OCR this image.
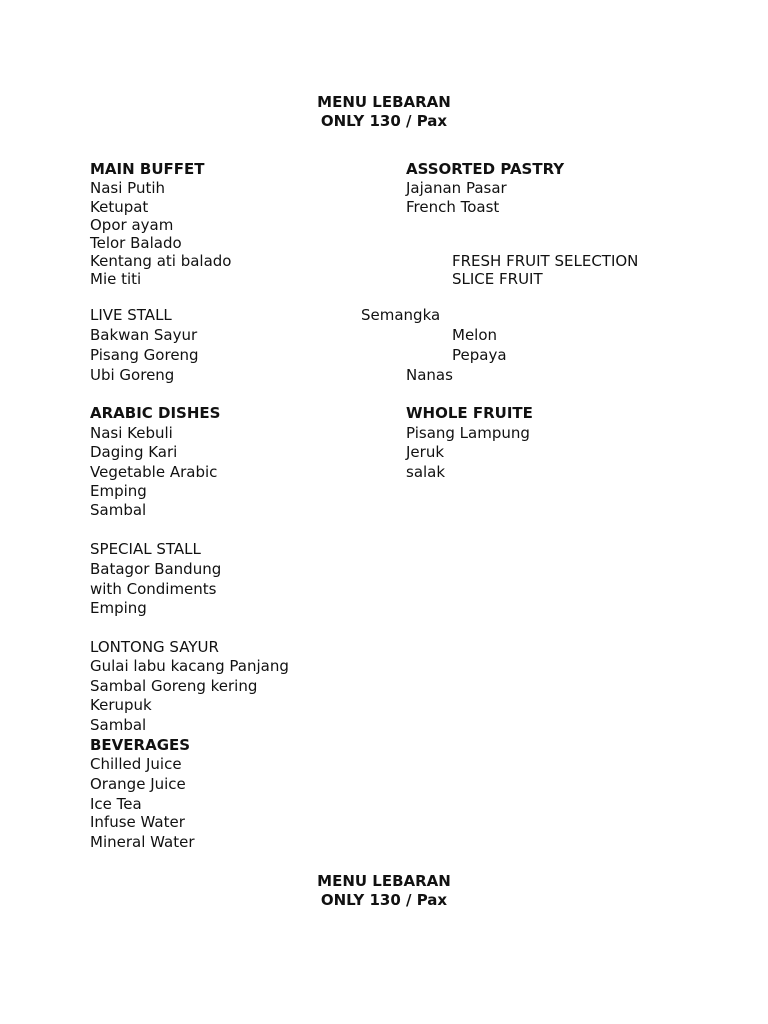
MENU LEBARAN
ONLY 130 / Pax
MAIN BUFFET
Nasi Putih
Ketupat
Opor ayam
Telor Balado
Kentang ati balado
Mie titi
LIVE STALL
Bakwan Sayur
Pisang Goreng
Ubi Goreng
ARABIC DISHES
Nasi Kebuli
Daging Kari
Vegetable Arabic
Emping
Sambal
SPECIAL STALL
Batagor Bandung
with Condiments
Emping
LONTONG SAYUR
Gulai labu kacang Panjang
Sambal Goreng kering
Kerupuk
Sambal
BEVERAGES
Chilled Juice
Orange Juice
Ice Tea
Infuse Water
Mineral Water
ASSORTED PASTRY
Jajanan Pasar
French Toast
FRESH FRUIT SELECTION
SLICE FRUIT
Semangka
Melon
Pepaya
Nanas
WHOLE FRUITE
Pisang Lampung
Jeruk
salak
MENU LEBARAN
ONLY 130 / Pax
